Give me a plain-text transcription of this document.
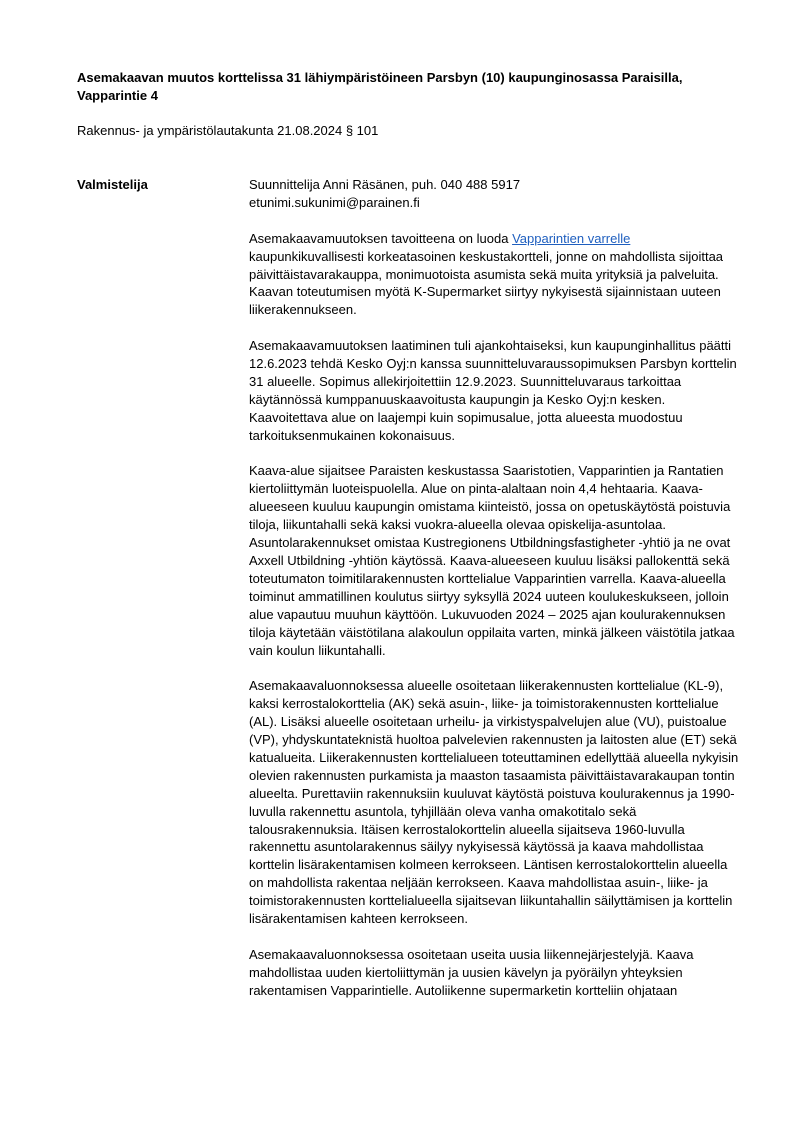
Asemakaavan muutos korttelissa 31 lähiympäristöineen Parsbyn (10) kaupunginosassa Paraisilla, Vapparintie 4

Rakennus- ja ympäristölautakunta 21.08.2024 § 101

Valmistelija	Suunnittelija Anni Räsänen, puh. 040 488 5917
etunimi.sukunimi@parainen.fi

Asemakaavamuutoksen tavoitteena on luoda Vapparintien varrelle kaupunkikuvallisesti korkeatasoinen keskustakortteli, jonne on mahdollista sijoittaa päivittäistavarakauppa, monimuotoista asumista sekä muita yrityksiä ja palveluita. Kaavan toteutumisen myötä K-Supermarket siirtyy nykyisestä sijainnistaan uuteen liikerakennukseen.

Asemakaavamuutoksen laatiminen tuli ajankohtaiseksi, kun kaupunginhallitus päätti 12.6.2023 tehdä Kesko Oyj:n kanssa suunnitteluvaraussopimuksen Parsbyn korttelin 31 alueelle. Sopimus allekirjoitettiin 12.9.2023. Suunnitteluvaraus tarkoittaa käytännössä kumppanuuskaavoitusta kaupungin ja Kesko Oyj:n kesken. Kaavoitettava alue on laajempi kuin sopimusalue, jotta alueesta muodostuu tarkoituksenmukainen kokonaisuus.

Kaava-alue sijaitsee Paraisten keskustassa Saaristotien, Vapparintien ja Rantatien kiertoliittymän luoteispuolella. Alue on pinta-alaltaan noin 4,4 hehtaaria. Kaava-alueeseen kuuluu kaupungin omistama kiinteistö, jossa on opetuskäytöstä poistuvia tiloja, liikuntahalli sekä kaksi vuokra-alueella olevaa opiskelija-asuntolaa. Asuntolarakennukset omistaa Kustregionens Utbildningsfastigheter -yhtiö ja ne ovat Axxell Utbildning -yhtiön käytössä. Kaava-alueeseen kuuluu lisäksi pallokenttä sekä toteutumaton toimitilarakennusten korttelialue Vapparintien varrella. Kaava-alueella toiminut ammatillinen koulutus siirtyy syksyllä 2024 uuteen koulukeskukseen, jolloin alue vapautuu muuhun käyttöön. Lukuvuoden 2024 – 2025 ajan koulurakennuksen tiloja käytetään väistötilana alakoulun oppilaita varten, minkä jälkeen väistötila jatkaa vain koulun liikuntahalli.

Asemakaavaluonnoksessa alueelle osoitetaan liikerakennusten korttelialue (KL-9), kaksi kerrostalokorttelia (AK) sekä asuin-, liike- ja toimistorakennusten korttelialue (AL). Lisäksi alueelle osoitetaan urheilu- ja virkistyspalvelujen alue (VU), puistoalue (VP), yhdyskuntateknistä huoltoa palvelevien rakennusten ja laitosten alue (ET) sekä katualueita. Liikerakennusten korttelialueen toteuttaminen edellyttää alueella nykyisin olevien rakennusten purkamista ja maaston tasaamista päivittäistavarakaupan tontin alueelta. Purettaviin rakennuksiin kuuluvat käytöstä poistuva koulurakennus ja 1990-luvulla rakennettu asuntola, tyhjillään oleva vanha omakotitalo sekä talousrakennuksia. Itäisen kerrostalokorttelin alueella sijaitseva 1960-luvulla rakennettu asuntolarakennus säilyy nykyisessä käytössä ja kaava mahdollistaa korttelin lisärakentamisen kolmeen kerrokseen. Läntisen kerrostalokorttelin alueella on mahdollista rakentaa neljään kerrokseen. Kaava mahdollistaa asuin-, liike- ja toimistorakennusten korttelialueella sijaitsevan liikuntahallin säilyttämisen ja korttelin lisärakentamisen kahteen kerrokseen.

Asemakaavaluonnoksessa osoitetaan useita uusia liikennejärjestelyjä. Kaava mahdollistaa uuden kiertoliittymän ja uusien kävelyn ja pyöräilyn yhteyksien rakentamisen Vapparintielle. Autoliikenne supermarketin kortteliin ohjataan
